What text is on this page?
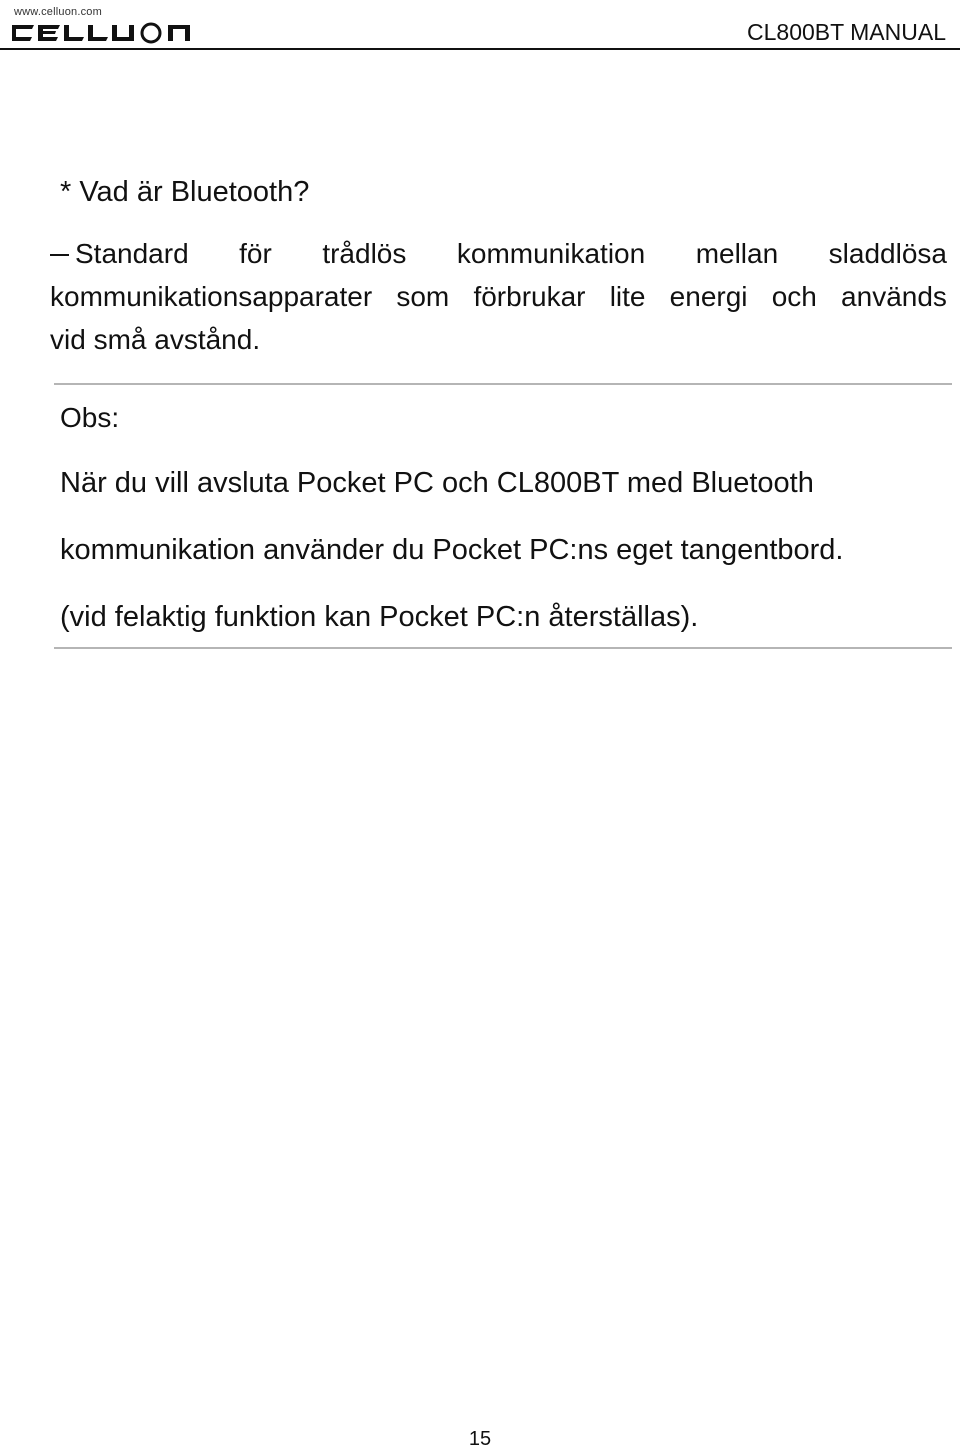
www.celluon.com
CL800BT MANUAL
* Vad är Bluetooth?
Standard för trådlös kommunikation mellan sladdlösa
kommunikationsapparater som förbrukar lite energi och används
vid små avstånd.
Obs:
När du vill avsluta Pocket PC och CL800BT med Bluetooth
kommunikation använder du Pocket PC:ns eget tangentbord.
(vid felaktig funktion kan Pocket PC:n återställas).
15
